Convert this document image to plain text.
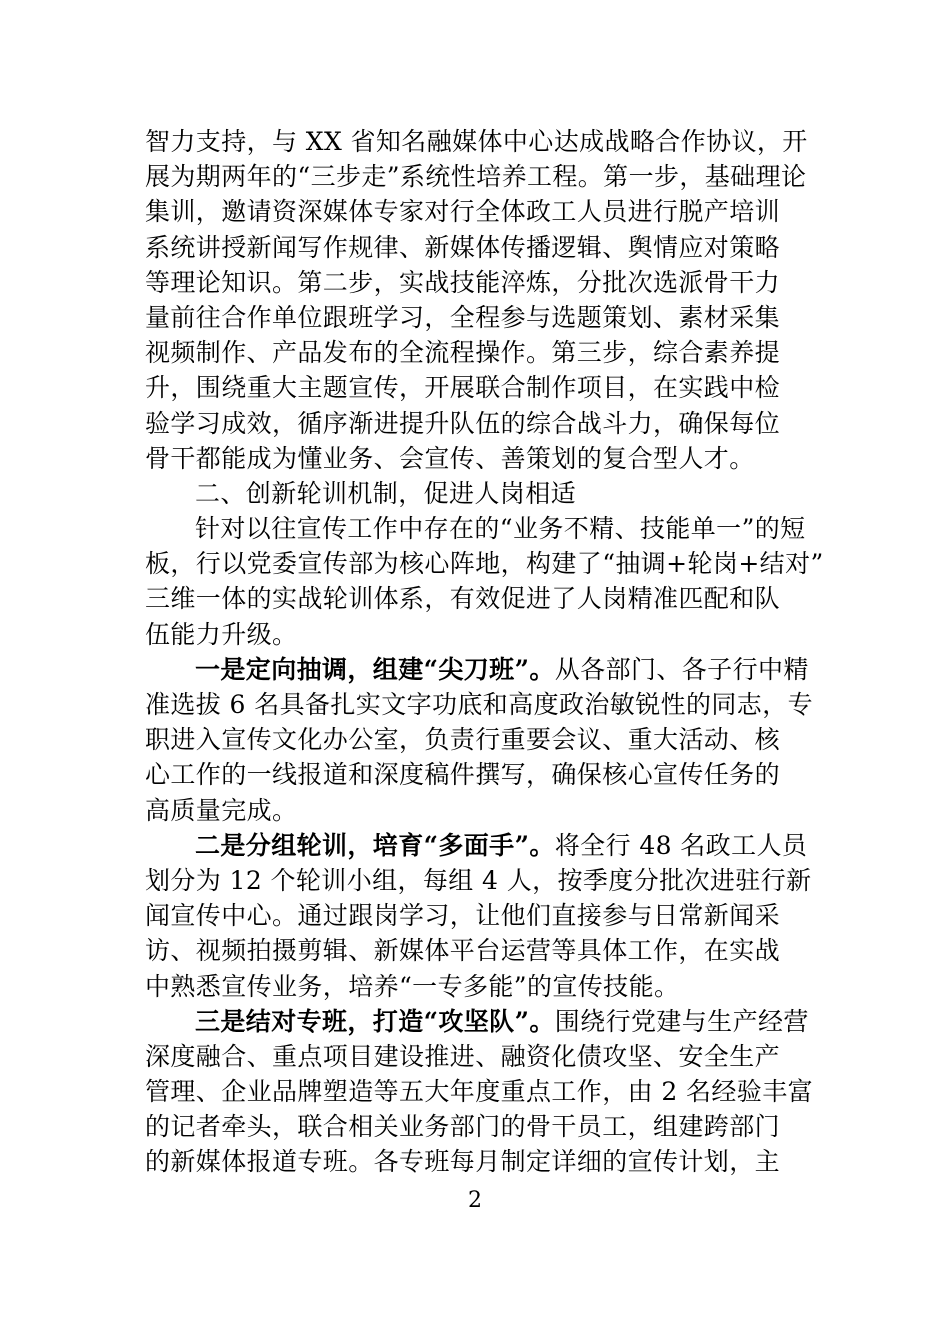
智力支持，与 XX 省知名融媒体中心达成战略合作协议，开
展为期两年的“三步走”系统性培养工程。第一步，基础理论
集训，邀请资深媒体专家对行全体政工人员进行脱产培训
系统讲授新闻写作规律、新媒体传播逻辑、舆情应对策略
等理论知识。第二步，实战技能淬炼，分批次选派骨干力
量前往合作单位跟班学习，全程参与选题策划、素材采集
视频制作、产品发布的全流程操作。第三步，综合素养提
升，围绕重大主题宣传，开展联合制作项目，在实践中检
验学习成效，循序渐进提升队伍的综合战斗力，确保每位
骨干都能成为懂业务、会宣传、善策划的复合型人才。
二、创新轮训机制，促进人岗相适
针对以往宣传工作中存在的“业务不精、技能单一”的短
板，行以党委宣传部为核心阵地，构建了“抽调+轮岗+结对”
三维一体的实战轮训体系，有效促进了人岗精准匹配和队
伍能力升级。
一是定向抽调，组建“尖刀班”。从各部门、各子行中精
准选拔 6 名具备扎实文字功底和高度政治敏锐性的同志，专
职进入宣传文化办公室，负责行重要会议、重大活动、核
心工作的一线报道和深度稿件撰写，确保核心宣传任务的
高质量完成。
二是分组轮训，培育“多面手”。将全行 48 名政工人员
划分为 12 个轮训小组，每组 4 人，按季度分批次进驻行新
闻宣传中心。通过跟岗学习，让他们直接参与日常新闻采
访、视频拍摄剪辑、新媒体平台运营等具体工作，在实战
中熟悉宣传业务，培养“一专多能”的宣传技能。
三是结对专班，打造“攻坚队”。围绕行党建与生产经营
深度融合、重点项目建设推进、融资化债攻坚、安全生产
管理、企业品牌塑造等五大年度重点工作，由 2 名经验丰富
的记者牵头，联合相关业务部门的骨干员工，组建跨部门
的新媒体报道专班。各专班每月制定详细的宣传计划，主
2
